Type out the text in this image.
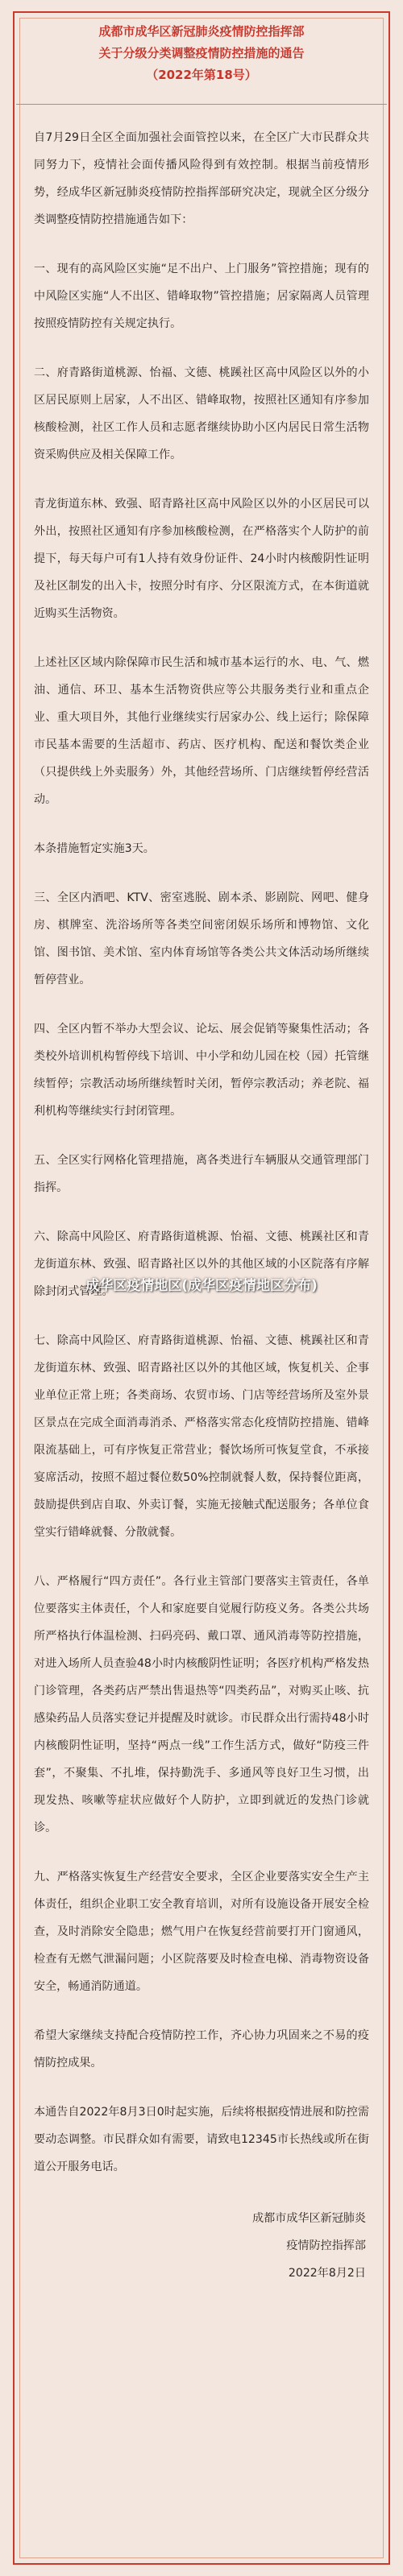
成都市成华区新冠肺炎疫情防控指挥部
关于分级分类调整疫情防控措施的通告
（2022年第18号）

自7月29日全区全面加强社会面管控以来，在全区广大市民群众共同努力下，疫情社会面传播风险得到有效控制。根据当前疫情形势，经成华区新冠肺炎疫情防控指挥部研究决定，现就全区分级分类调整疫情防控措施通告如下：

一、现有的高风险区实施“足不出户、上门服务”管控措施；现有的中风险区实施“人不出区、错峰取物”管控措施；居家隔离人员管理按照疫情防控有关规定执行。

二、府青路街道桃源、怡福、文德、桃蹊社区高中风险区以外的小区居民原则上居家，人不出区、错峰取物，按照社区通知有序参加核酸检测，社区工作人员和志愿者继续协助小区内居民日常生活物资采购供应及相关保障工作。

青龙街道东林、致强、昭青路社区高中风险区以外的小区居民可以外出，按照社区通知有序参加核酸检测，在严格落实个人防护的前提下，每天每户可有1人持有效身份证件、24小时内核酸阴性证明及社区制发的出入卡，按照分时有序、分区限流方式，在本街道就近购买生活物资。

上述社区区域内除保障市民生活和城市基本运行的水、电、气、燃油、通信、环卫、基本生活物资供应等公共服务类行业和重点企业、重大项目外，其他行业继续实行居家办公、线上运行；除保障市民基本需要的生活超市、药店、医疗机构、配送和餐饮类企业（只提供线上外卖服务）外，其他经营场所、门店继续暂停经营活动。

本条措施暂定实施3天。

三、全区内酒吧、KTV、密室逃脱、剧本杀、影剧院、网吧、健身房、棋牌室、洗浴场所等各类空间密闭娱乐场所和博物馆、文化馆、图书馆、美术馆、室内体育场馆等各类公共文体活动场所继续暂停营业。

四、全区内暂不举办大型会议、论坛、展会促销等聚集性活动；各类校外培训机构暂停线下培训、中小学和幼儿园在校（园）托管继续暂停；宗教活动场所继续暂时关闭，暂停宗教活动；养老院、福利机构等继续实行封闭管理。

五、全区实行网格化管理措施，离各类进行车辆服从交通管理部门指挥。

六、除高中风险区、府青路街道桃源、怡福、文德、桃蹊社区和青龙街道东林、致强、昭青路社区以外的其他区域的小区院落有序解除封闭式管理。

七、除高中风险区、府青路街道桃源、怡福、文德、桃蹊社区和青龙街道东林、致强、昭青路社区以外的其他区域，恢复机关、企事业单位正常上班；各类商场、农贸市场、门店等经营场所及室外景区景点在完成全面消毒消杀、严格落实常态化疫情防控措施、错峰限流基础上，可有序恢复正常营业；餐饮场所可恢复堂食，不承接宴席活动，按照不超过餐位数50%控制就餐人数，保持餐位距离，鼓励提供到店自取、外卖订餐，实施无接触式配送服务；各单位食堂实行错峰就餐、分散就餐。

八、严格履行“四方责任”。各行业主管部门要落实主管责任，各单位要落实主体责任，个人和家庭要自觉履行防疫义务。各类公共场所严格执行体温检测、扫码亮码、戴口罩、通风消毒等防控措施，对进入场所人员查验48小时内核酸阴性证明；各医疗机构严格发热门诊管理，各类药店严禁出售退热等“四类药品”，对购买止咳、抗感染药品人员落实登记并提醒及时就诊。市民群众出行需持48小时内核酸阴性证明，坚持“两点一线”工作生活方式，做好“防疫三件套”，不聚集、不扎堆，保持勤洗手、多通风等良好卫生习惯，出现发热、咳嗽等症状应做好个人防护，立即到就近的发热门诊就诊。

九、严格落实恢复生产经营安全要求，全区企业要落实安全生产主体责任，组织企业职工安全教育培训，对所有设施设备开展安全检查，及时消除安全隐患；燃气用户在恢复经营前要打开门窗通风，检查有无燃气泄漏问题；小区院落要及时检查电梯、消毒物资设备安全，畅通消防通道。

希望大家继续支持配合疫情防控工作，齐心协力巩固来之不易的疫情防控成果。

本通告自2022年8月3日0时起实施，后续将根据疫情进展和防控需要动态调整。市民群众如有需要，请致电12345市长热线或所在街道公开服务电话。

成都市成华区新冠肺炎
疫情防控指挥部
2022年8月2日
成华区疫情地区(成华区疫情地区分布)
